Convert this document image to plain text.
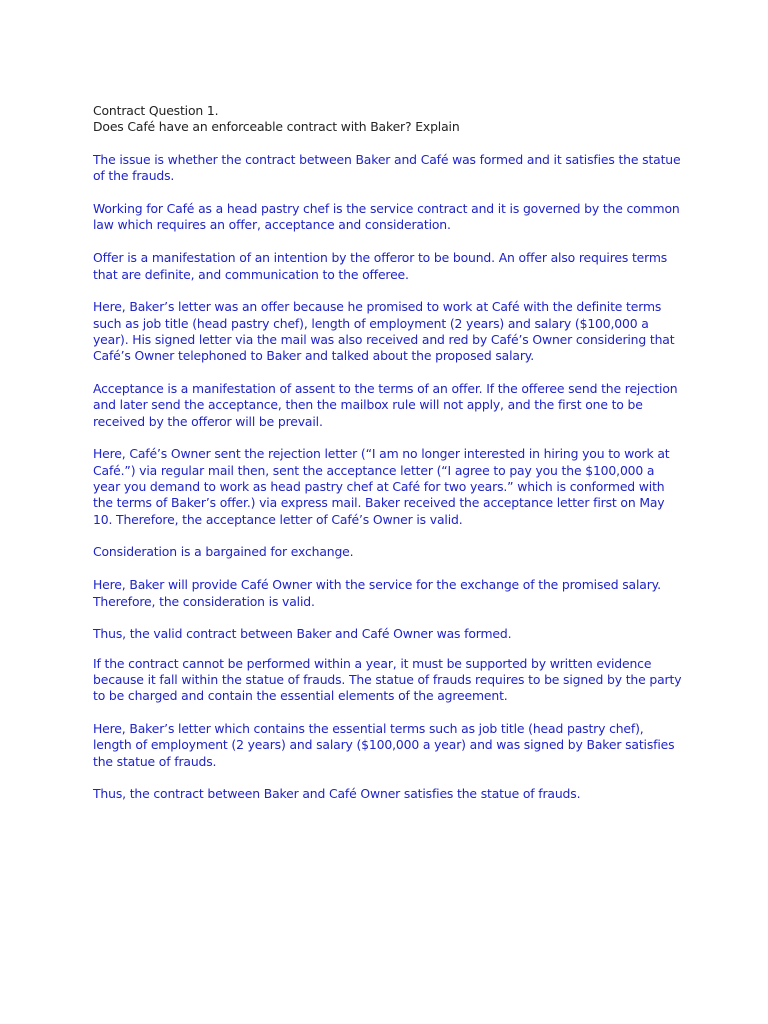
Contract Question 1.

Does Café have an enforceable contract with Baker? Explain

The issue is whether the contract between Baker and Café was formed and it satisfies the statue of the frauds.

Working for Café as a head pastry chef is the service contract and it is governed by the common law which requires an offer, acceptance and consideration.

Offer is a manifestation of an intention by the offeror to be bound. An offer also requires terms that are definite, and communication to the offeree.

Here, Baker’s letter was an offer because he promised to work at Café with the definite terms such as job title (head pastry chef), length of employment (2 years) and salary ($100,000 a year). His signed letter via the mail was also received and red by Café’s Owner considering that Café’s Owner telephoned to Baker and talked about the proposed salary.

Acceptance is a manifestation of assent to the terms of an offer. If the offeree send the rejection and later send the acceptance, then the mailbox rule will not apply, and the first one to be received by the offeror will be prevail.

Here, Café’s Owner sent the rejection letter (“I am no longer interested in hiring you to work at Café.”) via regular mail then, sent the acceptance letter (“I agree to pay you the $100,000 a year you demand to work as head pastry chef at Café for two years.” which is conformed with the terms of Baker’s offer.) via express mail. Baker received the acceptance letter first on May 10. Therefore, the acceptance letter of Café’s Owner is valid.

Consideration is a bargained for exchange.

Here, Baker will provide Café Owner with the service for the exchange of the promised salary. Therefore, the consideration is valid.

Thus, the valid contract between Baker and Café Owner was formed.

If the contract cannot be performed within a year, it must be supported by written evidence because it fall within the statue of frauds. The statue of frauds requires to be signed by the party to be charged and contain the essential elements of the agreement.

Here, Baker’s letter which contains the essential terms such as job title (head pastry chef), length of employment (2 years) and salary ($100,000 a year) and was signed by Baker satisfies the statue of frauds.

Thus, the contract between Baker and Café Owner satisfies the statue of frauds.
